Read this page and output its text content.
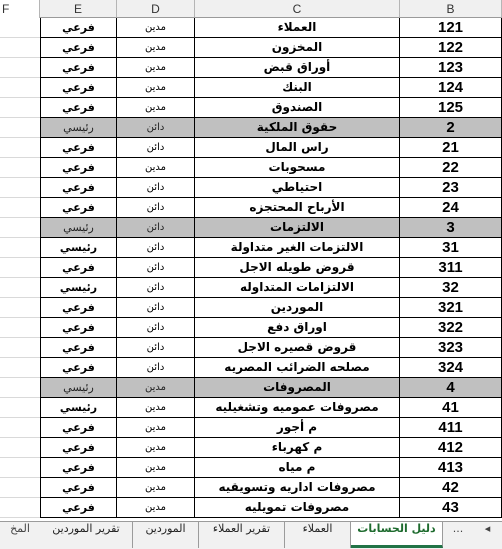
F	E	D	C	B
فرعي	مدين	العملاء	121
فرعي	مدين	المخزون	122
فرعي	مدين	أوراق قبض	123
فرعي	مدين	البنك	124
فرعي	مدين	الصندوق	125
رئيسي	دائن	حقوق الملكية	2
فرعي	دائن	راس المال	21
فرعي	مدين	مسحوبات	22
فرعي	دائن	احتياطي	23
فرعي	دائن	الأرباح المحتجزه	24
رئيسي	دائن	الالتزمات	3
رئيسي	دائن	الالتزمات الغير متداولة	31
فرعي	دائن	قروض طويله الاجل	311
رئيسي	دائن	الالتزامات المتداوله	32
فرعي	دائن	الموردين	321
فرعي	دائن	اوراق دفع	322
فرعي	دائن	قروض قصيره الاجل	323
فرعي	دائن	مصلحه الضرائب المصريه	324
رئيسي	مدين	المصروفات	4
رئيسي	مدين	مصروفات عموميه وتشغيليه	41
فرعي	مدين	م أجور	411
فرعي	مدين	م كهرباء	412
فرعي	مدين	م مياه	413
فرعي	مدين	مصروفات اداريه وتسويقيه	42
فرعي	مدين	مصروفات تمويليه	43
المخ	تقرير الموردين	الموردين	تقرير العملاء	العملاء	دليل الحسابات	...	◂
